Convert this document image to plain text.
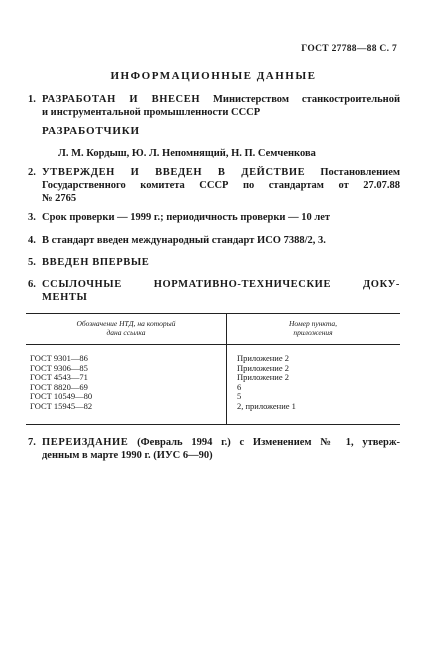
ГОСТ 27788—88 С. 7
ИНФОРМАЦИОННЫЕ ДАННЫЕ
1. РАЗРАБОТАН И ВНЕСЕН Министерством станкостроительной
и инструментальной промышленности СССР
РАЗРАБОТЧИКИ
Л. М. Кордыш, Ю. Л. Непомнящий, Н. П. Семченкова
2. УТВЕРЖДЕН И ВВЕДЕН В ДЕЙСТВИЕ Постановлением
Государственного комитета СССР по стандартам от 27.07.88
№ 2765
3. Срок проверки — 1999 г.; периодичность проверки — 10 лет
4. В стандарт введен международный стандарт ИСО 7388/2, 3.
5. ВВЕДЕН ВПЕРВЫЕ
6. ССЫЛОЧНЫЕ НОРМАТИВНО-ТЕХНИЧЕСКИЕ ДОКУ-
МЕНТЫ
Обозначение НТД, на который
дана ссылка
Номер пункта,
приложения
ГОСТ 9301—86
ГОСТ 9306—85
ГОСТ 4543—71
ГОСТ 8820—69
ГОСТ 10549—80
ГОСТ 15945—82
Приложение 2
Приложение 2
Приложение 2
6
5
2, приложение 1
7. ПЕРЕИЗДАНИЕ (Февраль 1994 г.) с Изменением № 1, утверж-
денным в марте 1990 г. (ИУС 6—90)
